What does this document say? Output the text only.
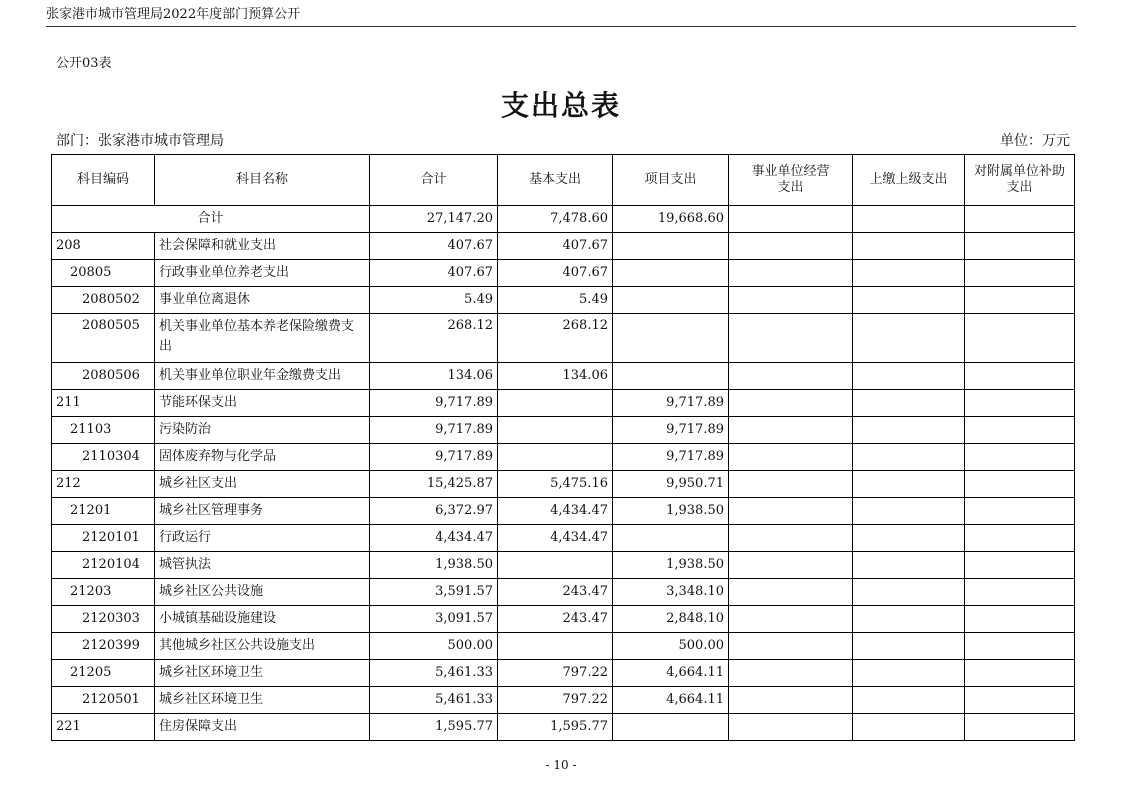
张家港市城市管理局2022年度部门预算公开
公开03表
支出总表
部门：张家港市城市管理局	单位：万元
科目编码	科目名称	合计	基本支出	项目支出	事业单位经营支出	上缴上级支出	对附属单位补助支出
合计		27,147.20	7,478.60	19,668.60			
208	社会保障和就业支出	407.67	407.67				
20805	行政事业单位养老支出	407.67	407.67				
2080502	事业单位离退休	5.49	5.49				
2080505	机关事业单位基本养老保险缴费支出	268.12	268.12				
2080506	机关事业单位职业年金缴费支出	134.06	134.06				
211	节能环保支出	9,717.89		9,717.89			
21103	污染防治	9,717.89		9,717.89			
2110304	固体废弃物与化学品	9,717.89		9,717.89			
212	城乡社区支出	15,425.87	5,475.16	9,950.71			
21201	城乡社区管理事务	6,372.97	4,434.47	1,938.50			
2120101	行政运行	4,434.47	4,434.47				
2120104	城管执法	1,938.50		1,938.50			
21203	城乡社区公共设施	3,591.57	243.47	3,348.10			
2120303	小城镇基础设施建设	3,091.57	243.47	2,848.10			
2120399	其他城乡社区公共设施支出	500.00		500.00			
21205	城乡社区环境卫生	5,461.33	797.22	4,664.11			
2120501	城乡社区环境卫生	5,461.33	797.22	4,664.11			
221	住房保障支出	1,595.77	1,595.77				
- 10 -
